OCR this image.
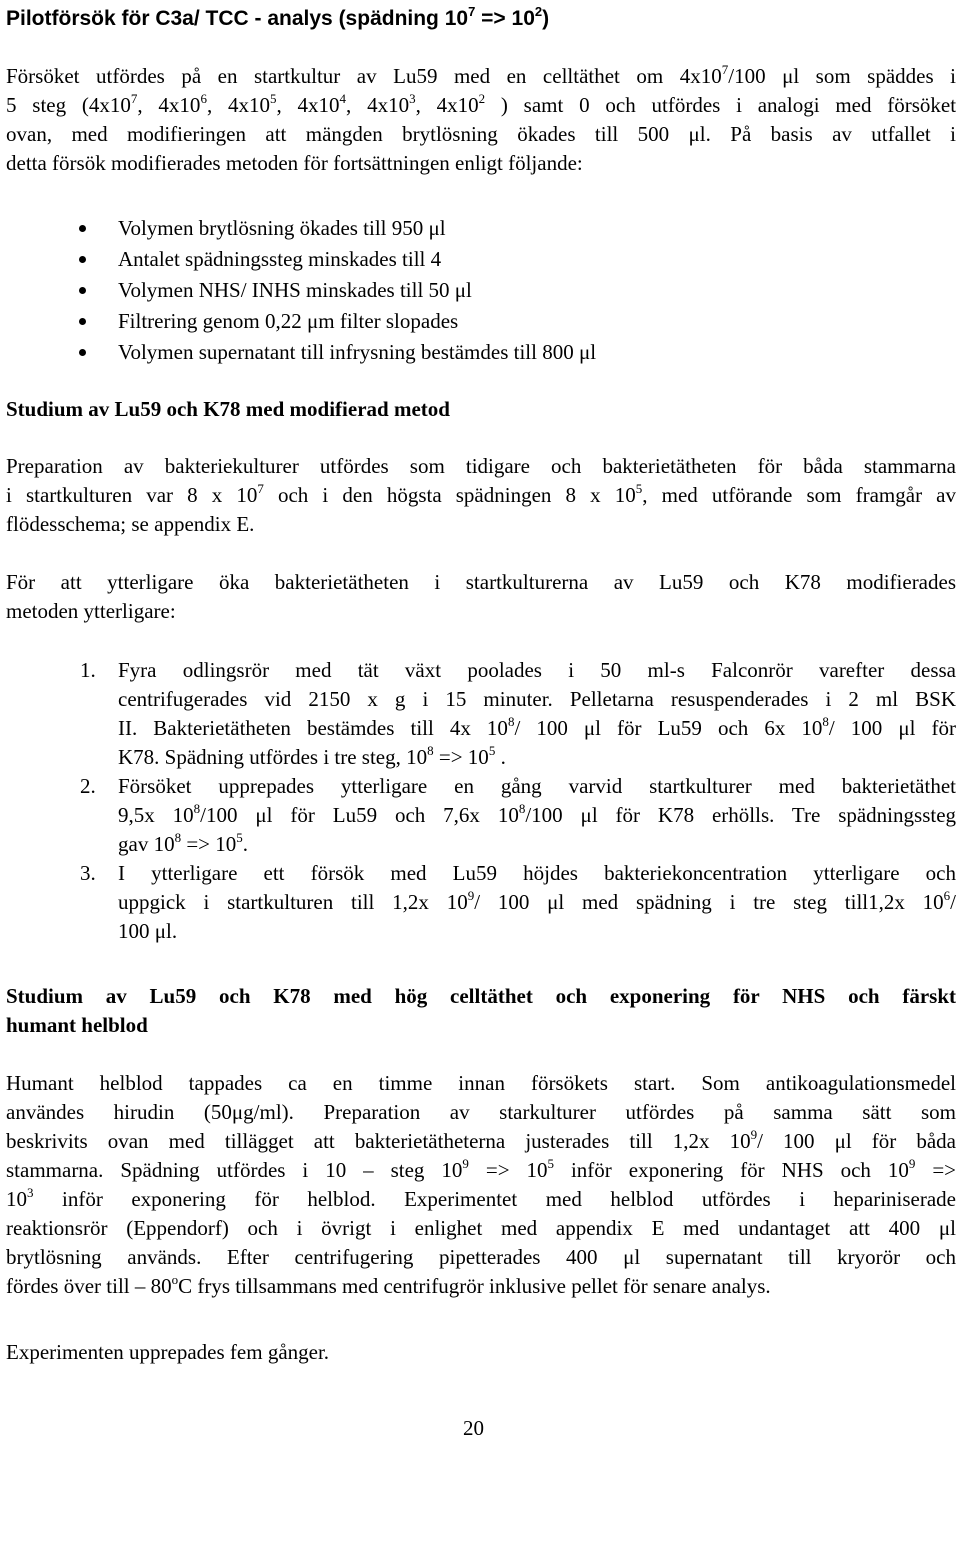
Pilotförsök för C3a/ TCC - analys (spädning $10^7 => 10^2$)
Försöket utfördes på en startkultur av Lu59 med en celltäthet om $4x10^7/100$ μl som späddes i
5 steg ($4x10^7$, $4x10^6$, $4x10^5$, $4x10^4$, $4x10^3$, $4x10^2$ ) samt 0 och utfördes i analogi med försöket
ovan, med modifieringen att mängden brytlösning ökades till 500 μl. På basis av utfallet i
detta försök modifierades metoden för fortsättningen enligt följande:
Volymen brytlösning ökades till 950 μl
Antalet spädningssteg minskades till 4
Volymen NHS/ INHS minskades till 50 μl
Filtrering genom 0,22 μm filter slopades
Volymen supernatant till infrysning bestämdes till 800 μl
Studium av Lu59 och K78 med modifierad metod
Preparation av bakteriekulturer utfördes som tidigare och bakterietätheten för båda stammarna
i startkulturen var 8 x $10^7$ och i den högsta spädningen 8 x $10^5$, med utförande som framgår av
flödesschema; se appendix E.
För att ytterligare öka bakterietätheten i startkulturerna av Lu59 och K78 modifierades
metoden ytterligare:
1. Fyra odlingsrör med tät växt poolades i 50 ml-s Falconrör varefter dessa
centrifugerades vid 2150 x g i 15 minuter. Pelletarna resuspenderades i 2 ml BSK
II. Bakterietätheten bestämdes till 4x $10^8/$ 100 μl för Lu59 och 6x $10^8/$ 100 μl för
K78. Spädning utfördes i tre steg, $10^8 => 10^5$ .
2. Försöket upprepades ytterligare en gång varvid startkulturer med bakterietäthet
9,5x $10^8/100$ μl för Lu59 och 7,6x $10^8/100$ μl för K78 erhölls. Tre spädningssteg
gav $10^8 => 10^5$.
3. I ytterligare ett försök med Lu59 höjdes bakteriekoncentration ytterligare och
uppgick i startkulturen till 1,2x $10^9/$ 100 μl med spädning i tre steg till1,2x $10^6/$
100 μl.
Studium av Lu59 och K78 med hög celltäthet och exponering för NHS och färskt
humant helblod
Humant helblod tappades ca en timme innan försökets start. Som antikoagulationsmedel
användes hirudin (50μg/ml). Preparation av starkulturer utfördes på samma sätt som
beskrivits ovan med tillägget att bakterietätheterna justerades till 1,2x $10^9/$ 100 μl för båda
stammarna. Spädning utfördes i 10 – steg $10^9 => 10^5$ inför exponering för NHS och $10^9$ =>
$10^3$ inför exponering för helblod. Experimentet med helblod utfördes i hepariniserade
reaktionsrör (Eppendorf) och i övrigt i enlighet med appendix E med undantaget att 400 μl
brytlösning används. Efter centrifugering pipetterades 400 μl supernatant till kryorör och
fördes över till – 80$^o$C frys tillsammans med centrifugrör inklusive pellet för senare analys.
Experimenten upprepades fem gånger.
20
